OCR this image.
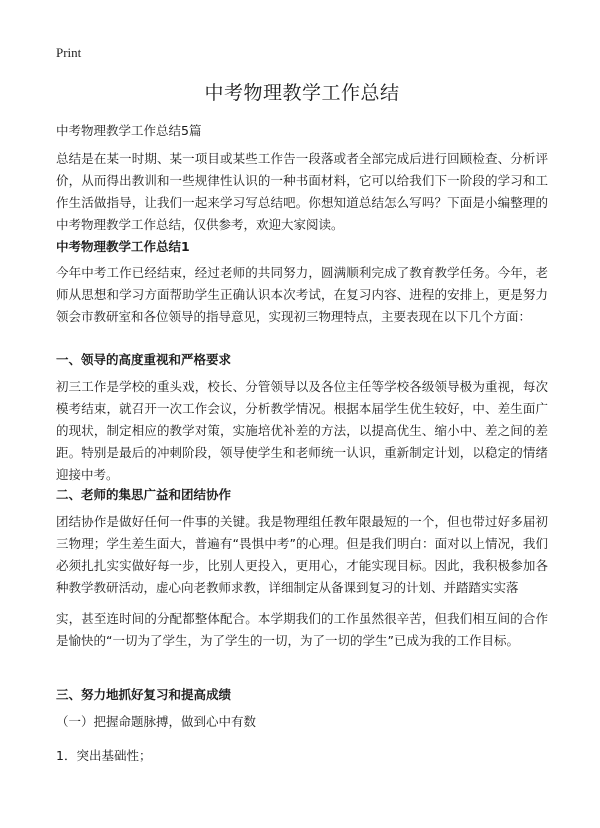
Print
中考物理教学工作总结

中考物理教学工作总结5篇

总结是在某一时期、某一项目或某些工作告一段落或者全部完成后进行回顾检查、分析评价，从而得出教训和一些规律性认识的一种书面材料，它可以给我们下一阶段的学习和工作生活做指导，让我们一起来学习写总结吧。你想知道总结怎么写吗？下面是小编整理的中考物理教学工作总结，仅供参考，欢迎大家阅读。

中考物理教学工作总结1

今年中考工作已经结束，经过老师的共同努力，圆满顺利完成了教育教学任务。今年，老师从思想和学习方面帮助学生正确认识本次考试，在复习内容、进程的安排上，更是努力领会市教研室和各位领导的指导意见，实现初三物理特点，主要表现在以下几个方面：

一、领导的高度重视和严格要求

初三工作是学校的重头戏，校长、分管领导以及各位主任等学校各级领导极为重视，每次模考结束，就召开一次工作会议，分析教学情况。根据本届学生优生较好，中、差生面广的现状，制定相应的教学对策，实施培优补差的方法，以提高优生、缩小中、差之间的差距。特别是最后的冲刺阶段，领导使学生和老师统一认识，重新制定计划，以稳定的情绪迎接中考。

二、老师的集思广益和团结协作

团结协作是做好任何一件事的关键。我是物理组任教年限最短的一个，但也带过好多届初三物理；学生差生面大，普遍有“畏惧中考”的心理。但是我们明白：面对以上情况，我们必须扎扎实实做好每一步，比别人更投入，更用心，才能实现目标。因此，我积极参加各种教学教研活动，虚心向老教师求教，详细制定从备课到复习的计划、并踏踏实实落

实，甚至连时间的分配都整体配合。本学期我们的工作虽然很辛苦，但我们相互间的合作是愉快的“一切为了学生，为了学生的一切，为了一切的学生”已成为我的工作目标。

三、努力地抓好复习和提高成绩

（一）把握命题脉搏，做到心中有数

1．突出基础性；
